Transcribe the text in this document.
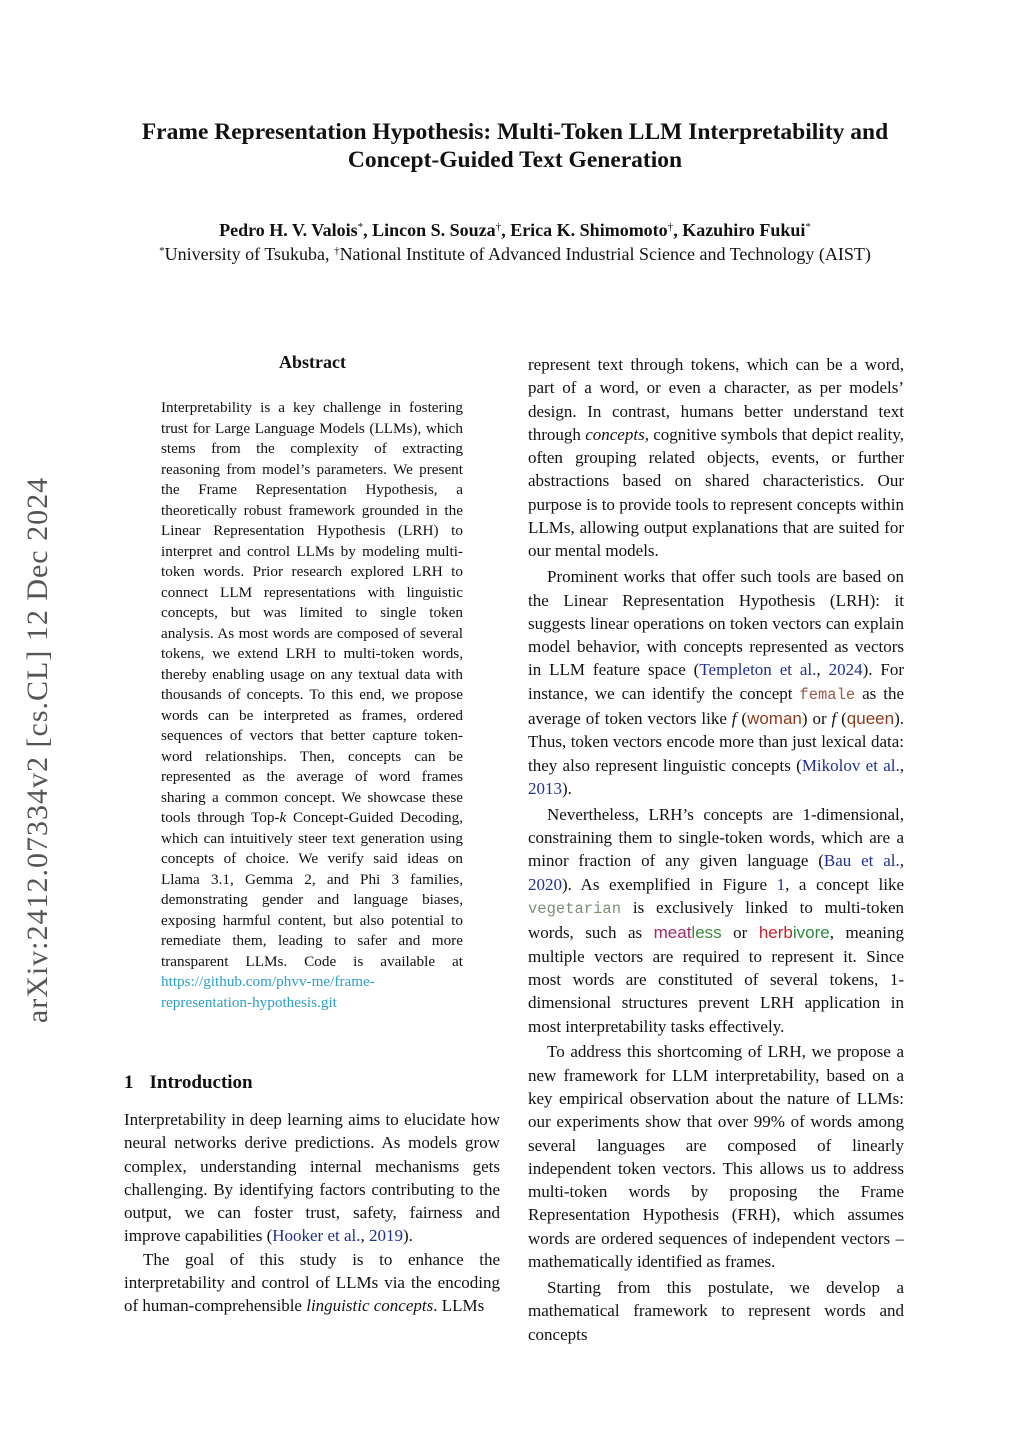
arXiv:2412.07334v2 [cs.CL] 12 Dec 2024
Frame Representation Hypothesis: Multi-Token LLM Interpretability and
Concept-Guided Text Generation
Pedro H. V. Valois*, Lincon S. Souza†, Erica K. Shimomoto†, Kazuhiro Fukui*
*University of Tsukuba, †National Institute of Advanced Industrial Science and Technology (AIST)
Abstract

Interpretability is a key challenge in fostering trust for Large Language Models (LLMs), which stems from the complexity of extracting reasoning from model’s parameters. We present the Frame Representation Hypothesis, a theoretically robust framework grounded in the Linear Representation Hypothesis (LRH) to interpret and control LLMs by modeling multi-token words. Prior research explored LRH to connect LLM representations with linguistic concepts, but was limited to single token analysis. As most words are composed of several tokens, we extend LRH to multi-token words, thereby enabling usage on any textual data with thousands of concepts. To this end, we propose words can be interpreted as frames, ordered sequences of vectors that better capture token-word relationships. Then, concepts can be represented as the average of word frames sharing a common concept. We showcase these tools through Top-k Concept-Guided Decoding, which can intuitively steer text generation using concepts of choice. We verify said ideas on Llama 3.1, Gemma 2, and Phi 3 families, demonstrating gender and language biases, exposing harmful content, but also potential to remediate them, leading to safer and more transparent LLMs. Code is available at https://github.com/phvv-me/frame-representation-hypothesis.git

1 Introduction

Interpretability in deep learning aims to elucidate how neural networks derive predictions. As models grow complex, understanding internal mechanisms gets challenging. By identifying factors contributing to the output, we can foster trust, safety, fairness and improve capabilities (Hooker et al., 2019).

The goal of this study is to enhance the interpretability and control of LLMs via the encoding of human-comprehensible linguistic concepts. LLMs

represent text through tokens, which can be a word, part of a word, or even a character, as per models’ design. In contrast, humans better understand text through concepts, cognitive symbols that depict reality, often grouping related objects, events, or further abstractions based on shared characteristics. Our purpose is to provide tools to represent concepts within LLMs, allowing output explanations that are suited for our mental models.

Prominent works that offer such tools are based on the Linear Representation Hypothesis (LRH): it suggests linear operations on token vectors can explain model behavior, with concepts represented as vectors in LLM feature space (Templeton et al., 2024). For instance, we can identify the concept female as the average of token vectors like f (woman) or f (queen). Thus, token vectors encode more than just lexical data: they also represent linguistic concepts (Mikolov et al., 2013).

Nevertheless, LRH’s concepts are 1-dimensional, constraining them to single-token words, which are a minor fraction of any given language (Bau et al., 2020). As exemplified in Figure 1, a concept like vegetarian is exclusively linked to multi-token words, such as meatless or herbivore, meaning multiple vectors are required to represent it. Since most words are constituted of several tokens, 1-dimensional structures prevent LRH application in most interpretability tasks effectively.

To address this shortcoming of LRH, we propose a new framework for LLM interpretability, based on a key empirical observation about the nature of LLMs: our experiments show that over 99% of words among several languages are composed of linearly independent token vectors. This allows us to address multi-token words by proposing the Frame Representation Hypothesis (FRH), which assumes words are ordered sequences of independent vectors – mathematically identified as frames.

Starting from this postulate, we develop a mathematical framework to represent words and concepts
